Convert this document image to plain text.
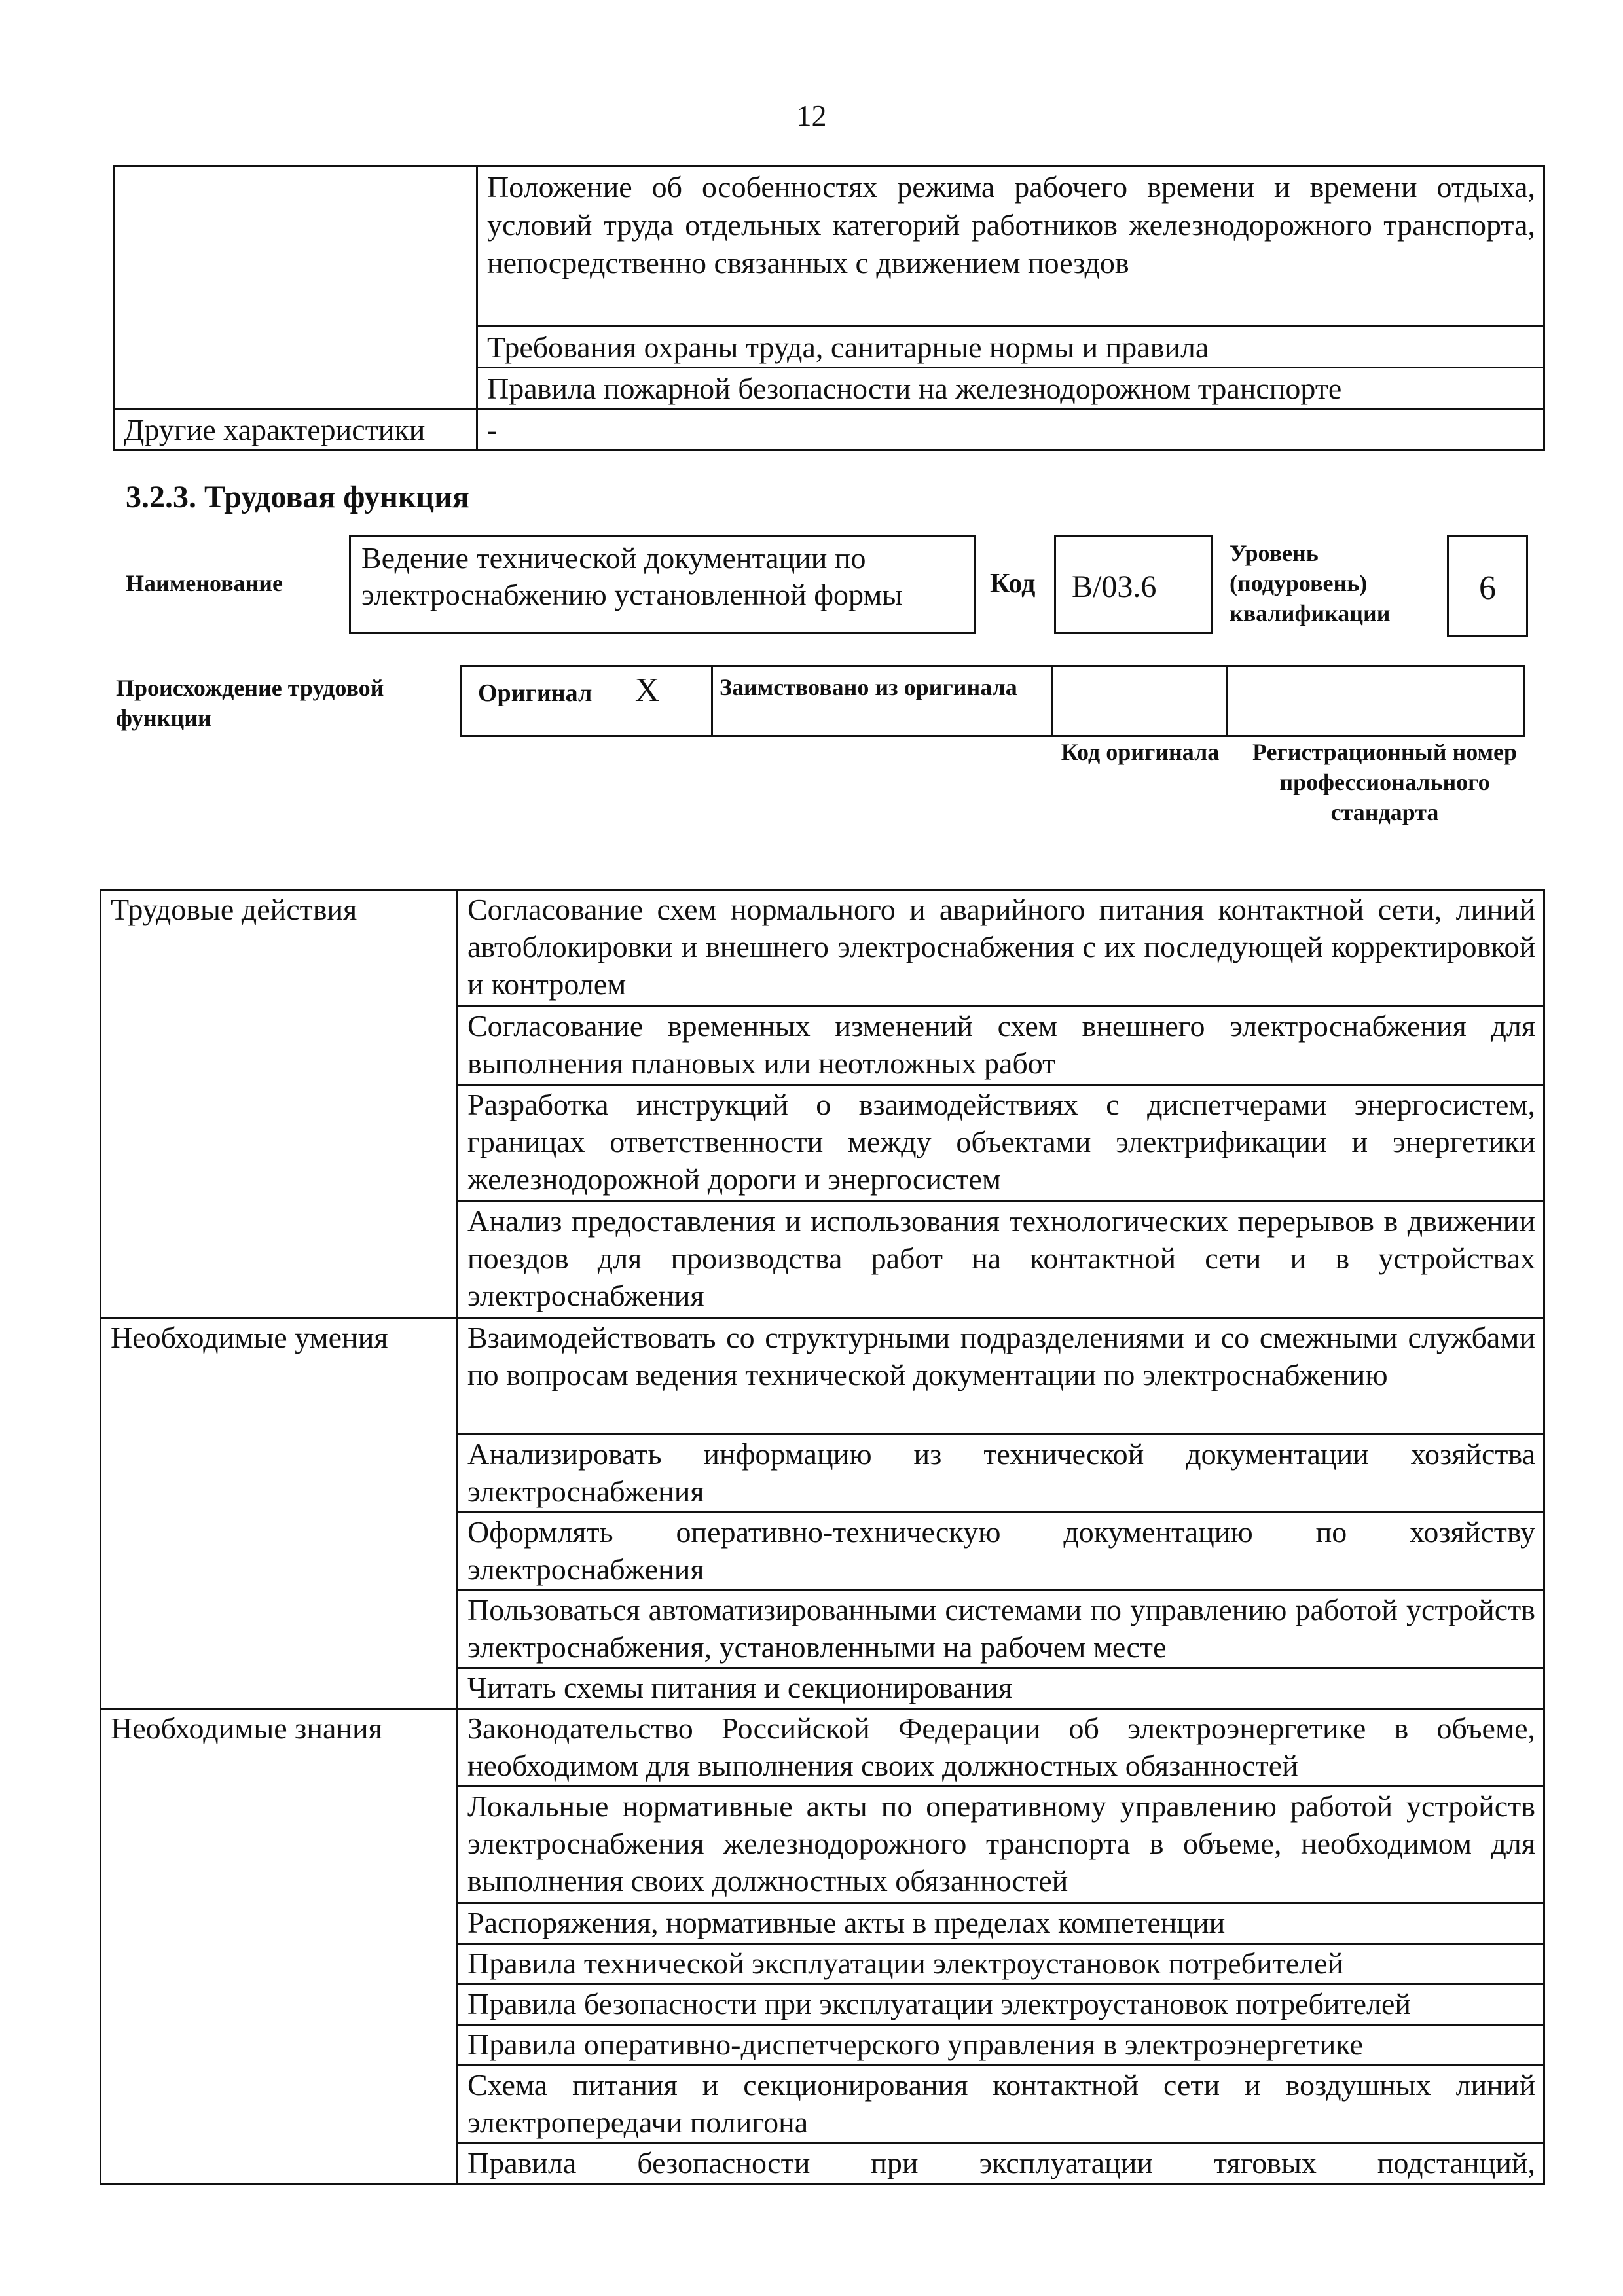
12
	Положение об особенностях режима рабочего времени и времени отдыха, условий труда отдельных категорий работников железнодорожного транспорта, непосредственно связанных с движением поездов
	Требования охраны труда, санитарные нормы и правила
	Правила пожарной безопасности на железнодорожном транспорте
Другие характеристики	-
3.2.3. Трудовая функция
Наименование
Ведение технической документации по электроснабжению установленной формы	Код	B/03.6
Уровень (подуровень) квалификации
6
Происхождение трудовой функции
Оригинал X	Заимствовано из оригинала		
Код оригинала	Регистрационный номер профессионального стандарта
Трудовые действия	Согласование схем нормального и аварийного питания контактной сети, линий автоблокировки и внешнего электроснабжения с их последующей корректировкой и контролем
	Согласование временных изменений схем внешнего электроснабжения для выполнения плановых или неотложных работ
	Разработка инструкций о взаимодействиях с диспетчерами энергосистем, границах ответственности между объектами электрификации и энергетики железнодорожной дороги и энергосистем
	Анализ предоставления и использования технологических перерывов в движении поездов для производства работ на контактной сети и в устройствах электроснабжения
Необходимые умения	Взаимодействовать со структурными подразделениями и со смежными службами по вопросам ведения технической документации по электроснабжению
	Анализировать информацию из технической документации хозяйства электроснабжения
	Оформлять оперативно-техническую документацию по хозяйству электроснабжения
	Пользоваться автоматизированными системами по управлению работой устройств электроснабжения, установленными на рабочем месте
	Читать схемы питания и секционирования
Необходимые знания	Законодательство Российской Федерации об электроэнергетике в объеме, необходимом для выполнения своих должностных обязанностей
	Локальные нормативные акты по оперативному управлению работой устройств электроснабжения железнодорожного транспорта в объеме, необходимом для выполнения своих должностных обязанностей
	Распоряжения, нормативные акты в пределах компетенции
	Правила технической эксплуатации электроустановок потребителей
	Правила безопасности при эксплуатации электроустановок потребителей
	Правила оперативно-диспетчерского управления в электроэнергетике
	Схема питания и секционирования контактной сети и воздушных линий электропередачи полигона
	Правила безопасности при эксплуатации тяговых подстанций,
